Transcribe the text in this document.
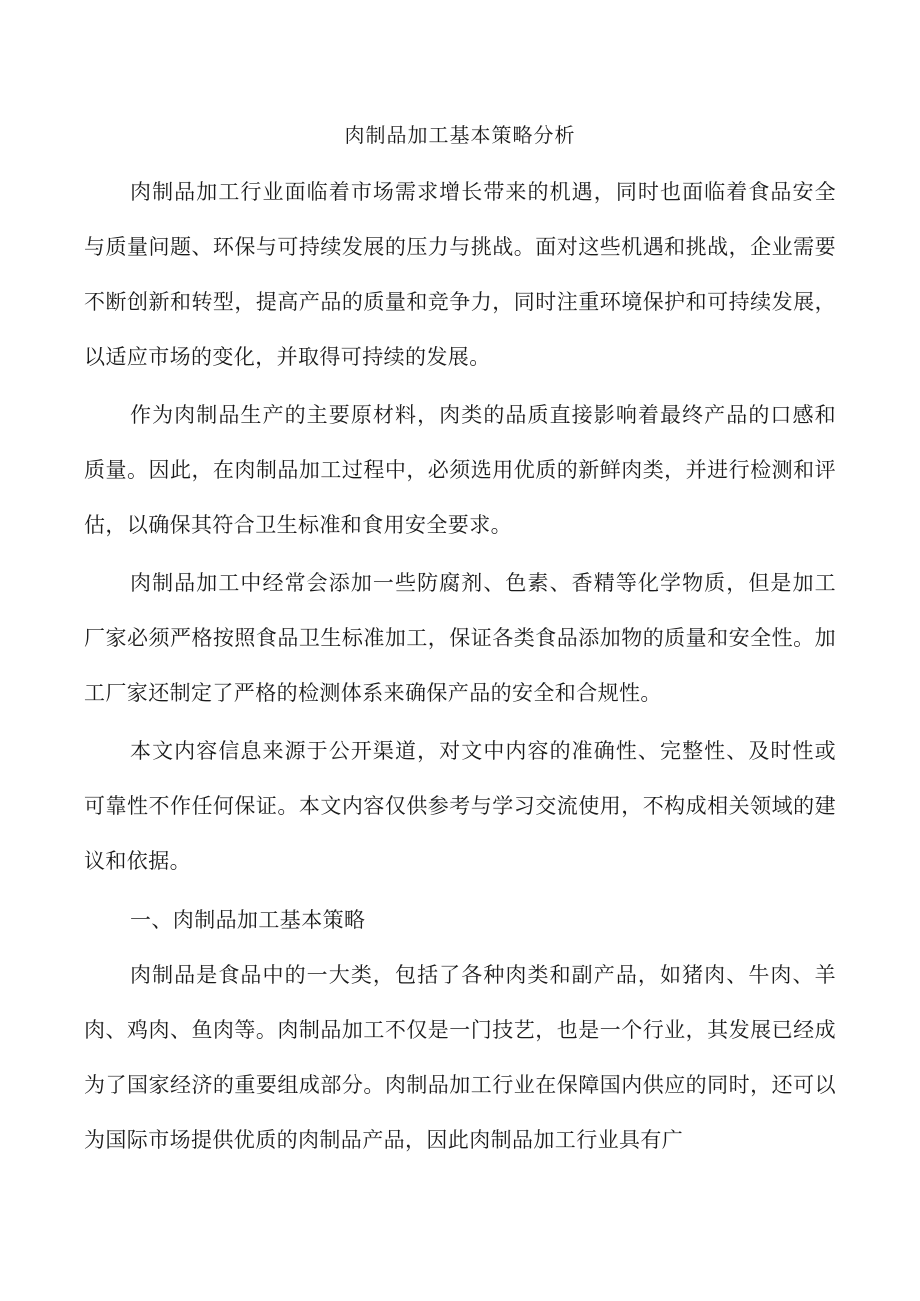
肉制品加工基本策略分析

肉制品加工行业面临着市场需求增长带来的机遇，同时也面临着食品安全与质量问题、环保与可持续发展的压力与挑战。面对这些机遇和挑战，企业需要不断创新和转型，提高产品的质量和竞争力，同时注重环境保护和可持续发展，以适应市场的变化，并取得可持续的发展。

作为肉制品生产的主要原材料，肉类的品质直接影响着最终产品的口感和质量。因此，在肉制品加工过程中，必须选用优质的新鲜肉类，并进行检测和评估，以确保其符合卫生标准和食用安全要求。

肉制品加工中经常会添加一些防腐剂、色素、香精等化学物质，但是加工厂家必须严格按照食品卫生标准加工，保证各类食品添加物的质量和安全性。加工厂家还制定了严格的检测体系来确保产品的安全和合规性。

本文内容信息来源于公开渠道，对文中内容的准确性、完整性、及时性或可靠性不作任何保证。本文内容仅供参考与学习交流使用，不构成相关领域的建议和依据。

一、肉制品加工基本策略

肉制品是食品中的一大类，包括了各种肉类和副产品，如猪肉、牛肉、羊肉、鸡肉、鱼肉等。肉制品加工不仅是一门技艺，也是一个行业，其发展已经成为了国家经济的重要组成部分。肉制品加工行业在保障国内供应的同时，还可以为国际市场提供优质的肉制品产品，因此肉制品加工行业具有广
